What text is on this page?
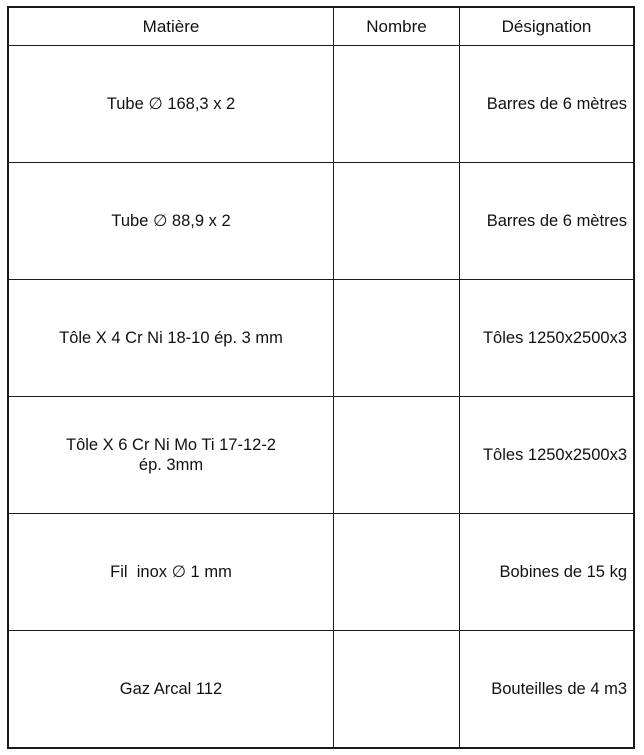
Matière	Nombre	Désignation

Tube ∅ 168,3 x 2		Barres de 6 mètres

Tube ∅ 88,9 x 2		Barres de 6 mètres

Tôle X 4 Cr Ni 18-10 ép. 3 mm		Tôles 1250x2500x3

Tôle X 6 Cr Ni Mo Ti 17-12-2
ép. 3mm		Tôles 1250x2500x3

Fil  inox ∅ 1 mm		Bobines de 15 kg

Gaz Arcal 112		Bouteilles de 4 m3
